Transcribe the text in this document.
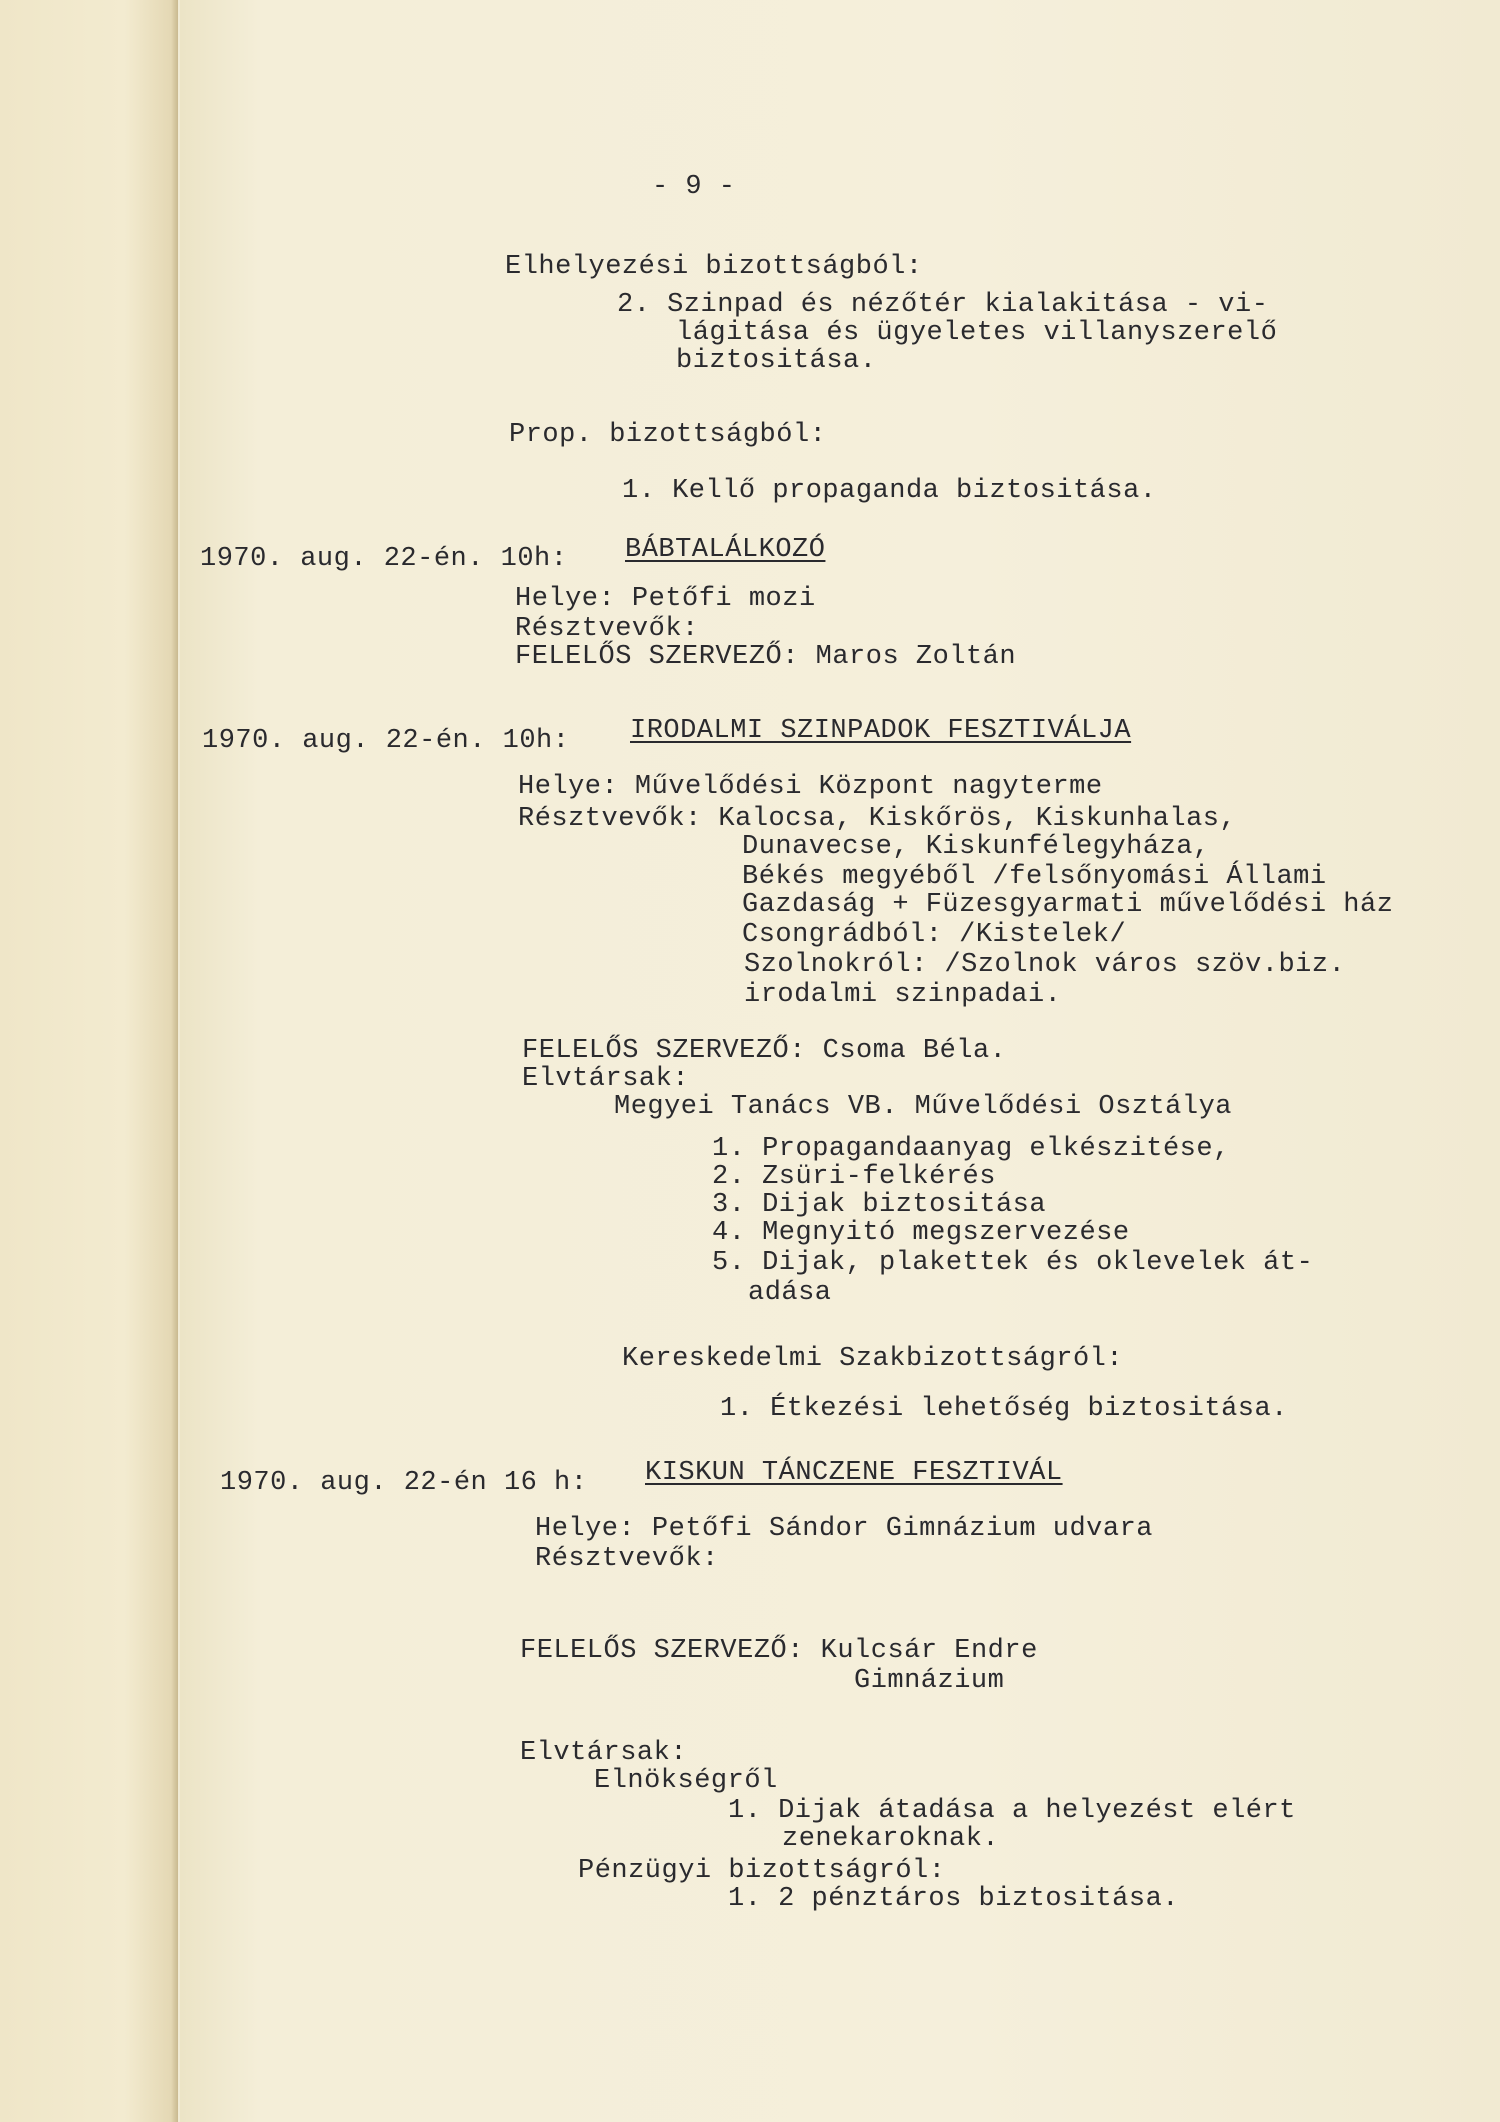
- 9 -
Elhelyezési bizottságból:
2. Szinpad és nézőtér kialakitása - vi-
lágitása és ügyeletes villanyszerelő
biztositása.
Prop. bizottságból:
1. Kellő propaganda biztositása.
1970. aug. 22-én. 10h: BÁBTALÁLKOZÓ
Helye: Petőfi mozi
Résztvevők:
FELELŐS SZERVEZŐ: Maros Zoltán
1970. aug. 22-én. 10h: IRODALMI SZINPADOK FESZTIVÁLJA
Helye: Művelődési Központ nagyterme
Résztvevők: Kalocsa, Kiskőrös, Kiskunhalas,
Dunavecse, Kiskunfélegyháza,
Békés megyéből /felsőnyomási Állami
Gazdaság + Füzesgyarmati művelődési ház
Csongrádból: /Kistelek/
Szolnokról: /Szolnok város szöv.biz.
irodalmi szinpadai.
FELELŐS SZERVEZŐ: Csoma Béla.
Elvtársak:
Megyei Tanács VB. Művelődési Osztálya
1. Propagandaanyag elkészitése,
2. Zsüri-felkérés
3. Dijak biztositása
4. Megnyitó megszervezése
5. Dijak, plakettek és oklevelek át-
adása
Kereskedelmi Szakbizottságról:
1. Étkezési lehetőség biztositása.
1970. aug. 22-én 16 h: KISKUN TÁNCZENE FESZTIVÁL
Helye: Petőfi Sándor Gimnázium udvara
Résztvevők:
FELELŐS SZERVEZŐ: Kulcsár Endre
Gimnázium
Elvtársak:
Elnökségről
1. Dijak átadása a helyezést elért
zenekaroknak.
Pénzügyi bizottságról:
1. 2 pénztáros biztositása.
